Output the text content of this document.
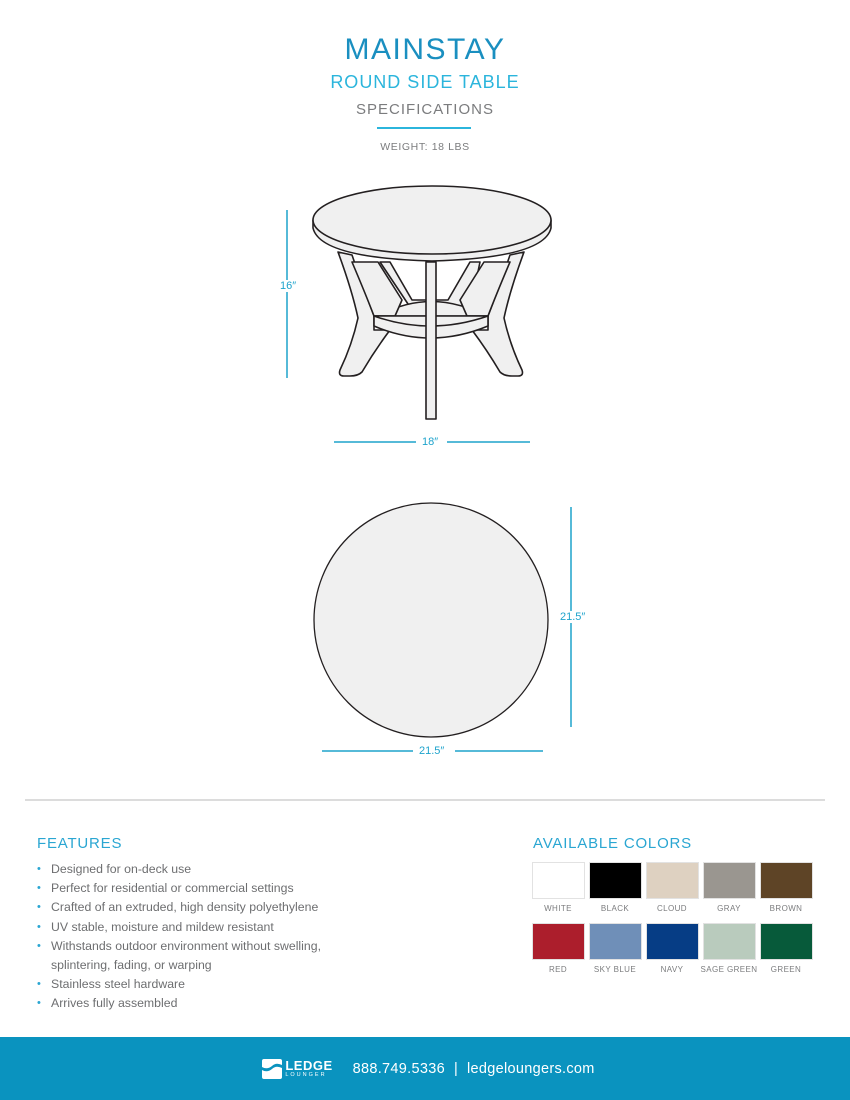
MAINSTAY
ROUND SIDE TABLE
SPECIFICATIONS
WEIGHT: 18 LBS
16″
18″
21.5″
21.5″
FEATURES
• Designed for on-deck use
• Perfect for residential or commercial settings
• Crafted of an extruded, high density polyethylene
• UV stable, moisture and mildew resistant
• Withstands outdoor environment without swelling, splintering, fading, or warping
• Stainless steel hardware
• Arrives fully assembled
AVAILABLE COLORS
WHITE	BLACK	CLOUD	GRAY	BROWN
RED	SKY BLUE	NAVY SAGE GREEN GREEN
LEDGE
LOUNGER	888.749.5336 | ledgeloungers.com
